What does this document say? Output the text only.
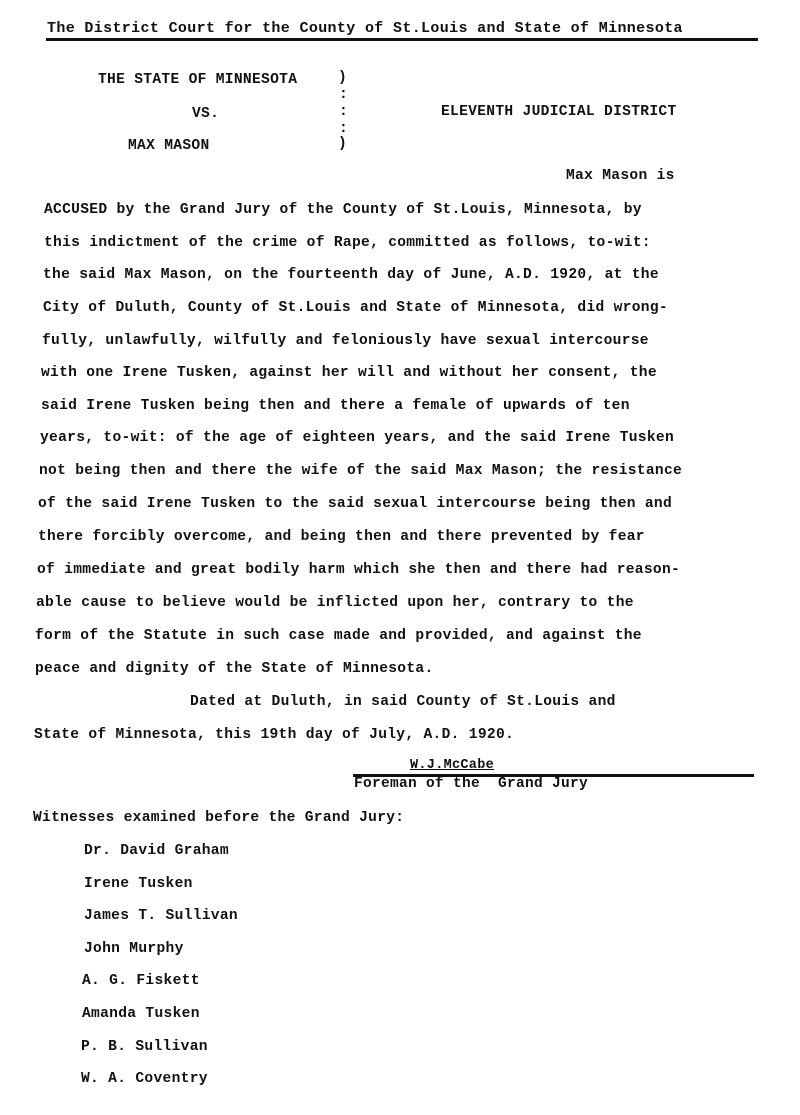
The District Court for the County of St.Louis and State of Minnesota
THE STATE OF MINNESOTA
VS.
MAX MASON
)
:
:
:
)
ELEVENTH JUDICIAL DISTRICT
Max Mason is
ACCUSED by the Grand Jury of the County of St.Louis, Minnesota, by
this indictment of the crime of Rape, committed as follows, to-wit:
the said Max Mason, on the fourteenth day of June, A.D. 1920, at the
City of Duluth, County of St.Louis and State of Minnesota, did wrong-
fully, unlawfully, wilfully and feloniously have sexual intercourse
with one Irene Tusken, against her will and without her consent, the
said Irene Tusken being then and there a female of upwards of ten
years, to-wit: of the age of eighteen years, and the said Irene Tusken
not being then and there the wife of the said Max Mason; the resistance
of the said Irene Tusken to the said sexual intercourse being then and
there forcibly overcome, and being then and there prevented by fear
of immediate and great bodily harm which she then and there had reason-
able cause to believe would be inflicted upon her, contrary to the
form of the Statute in such case made and provided, and against the
peace and dignity of the State of Minnesota.
Dated at Duluth, in said County of St.Louis and
State of Minnesota, this 19th day of July, A.D. 1920.
W.J.McCabe
Foreman of the  Grand Jury
Witnesses examined before the Grand Jury:
Dr. David Graham
Irene Tusken
James T. Sullivan
John Murphy
A. G. Fiskett
Amanda Tusken
P. B. Sullivan
W. A. Coventry
